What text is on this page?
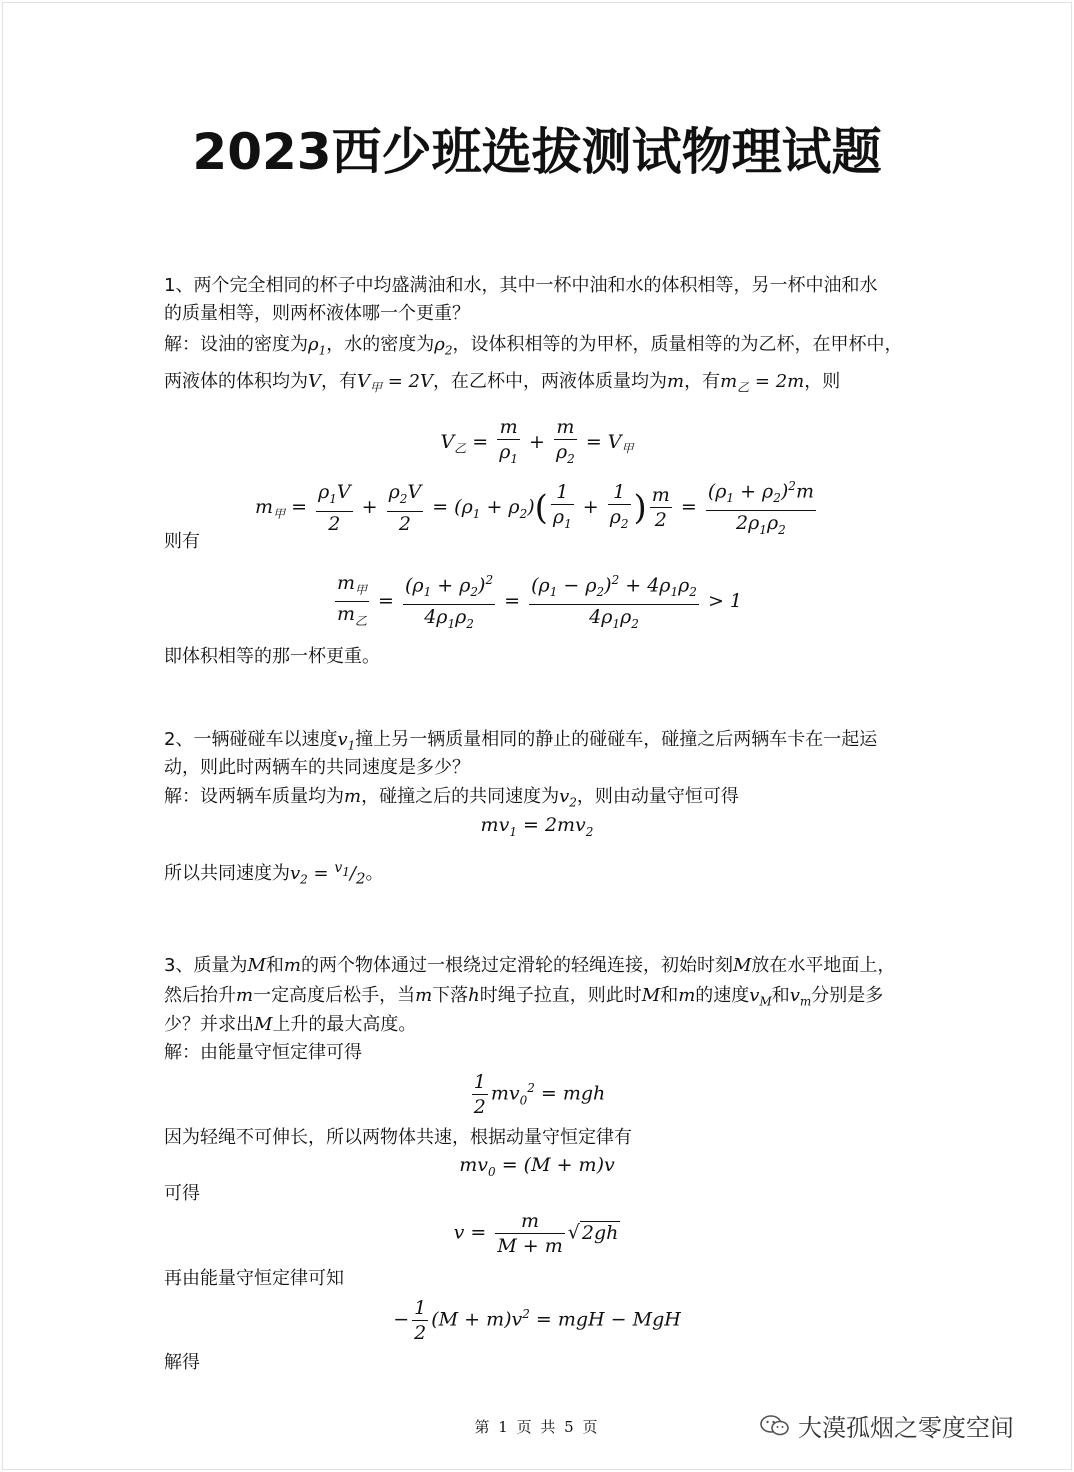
2023西少班选拔测试物理试题
1、两个完全相同的杯子中均盛满油和水，其中一杯中油和水的体积相等，另一杯中油和水
的质量相等，则两杯液体哪一个更重？
解：设油的密度为$\rho_1$，水的密度为$\rho_2$，设体积相等的为甲杯，质量相等的为乙杯，在甲杯中，
两液体的体积均为V，有$V_甲 = 2V$，在乙杯中，两液体质量均为m，有$m_乙 = 2m$，则
$V_乙 = \frac{m}{\rho_1} + \frac{m}{\rho_2} = V_甲$
$m_甲 = \frac{\rho_1V}{2} + \frac{\rho_2V}{2} = (\rho_1 + \rho_2)( \frac{1}{\rho_1} + \frac{1}{\rho_2}$ ) $\frac{m}{2} = \frac{(\rho_1 + \rho_2)^2m}{2\rho_1\rho_2}$
则有
$\frac{m_甲}{m_乙} = \frac{(\rho_1 + \rho_2)^2}{4\rho_1\rho_2} = \frac{(\rho_1 - \rho_2)^2 + 4\rho_1\rho_2}{4\rho_1\rho_2} > 1$
即体积相等的那一杯更重。
2、一辆碰碰车以速度$v_1$撞上另一辆质量相同的静止的碰碰车，碰撞之后两辆车卡在一起运
动，则此时两辆车的共同速度是多少？
解：设两辆车质量均为m，碰撞之后的共同速度为$v_2$，则由动量守恒可得
$mv_1 = 2mv_2$
所以共同速度为$v_2 = ^{v_1}/_2$。
3、质量为M和m的两个物体通过一根绕过定滑轮的轻绳连接，初始时刻M放在水平地面上，
然后抬升m一定高度后松手，当m下落h时绳子拉直，则此时M和m的速度$v_M$和$v_m$分别是多
少？并求出M上升的最大高度。
解：由能量守恒定律可得
$\frac{1}{2} mv_0^2$ = mgh
因为轻绳不可伸长，所以两物体共速，根据动量守恒定律有
$mv_0 = (M + m)v$
可得
$v = \frac{m}{M + m}$ √ 2gh
再由能量守恒定律可知
− $\frac{1}{2} (M + m)v^2$ = mgH − MgH
解得
第 1 页 共 5 页	大漠孤烟之零度空间
